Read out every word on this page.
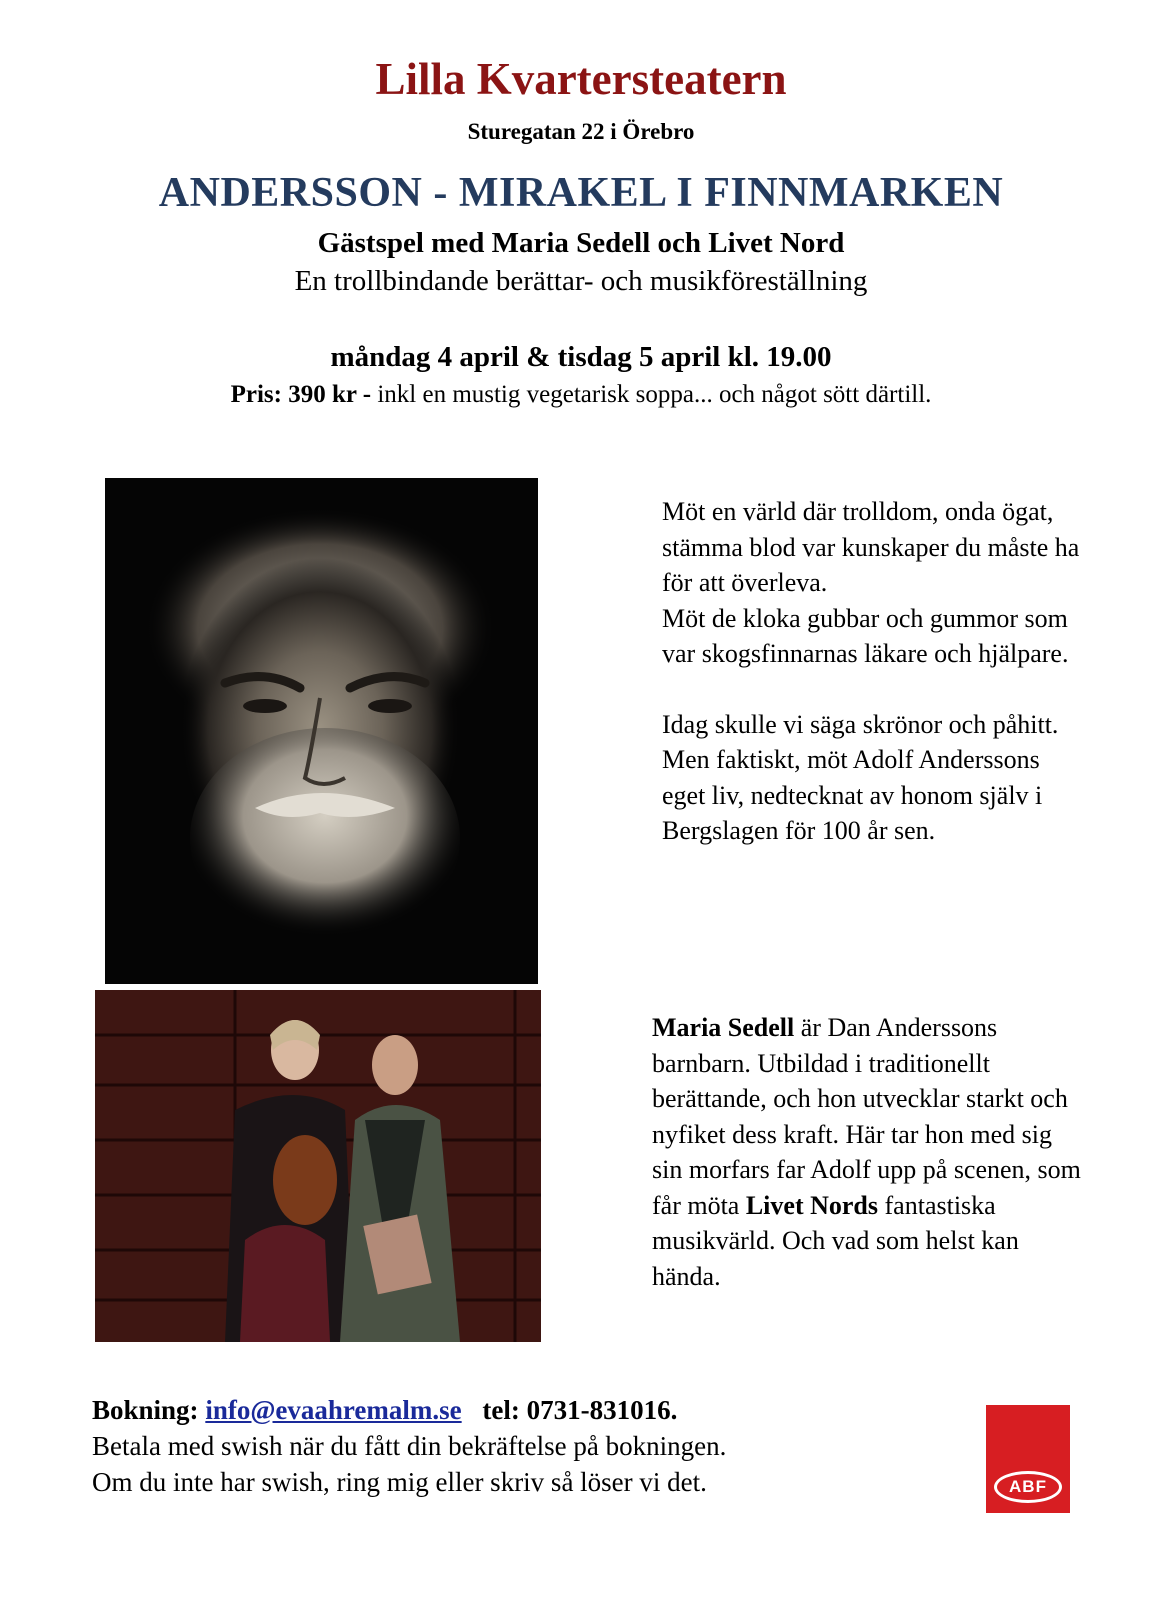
Lilla Kvartersteatern
Sturegatan 22 i Örebro
ANDERSSON - MIRAKEL I FINNMARKEN
Gästspel med Maria Sedell och Livet Nord
En trollbindande berättar- och musikföreställning
måndag 4 april & tisdag 5 april kl. 19.00
Pris: 390 kr - inkl en mustig vegetarisk soppa... och något sött därtill.

Möt en värld där trolldom, onda ögat, stämma blod var kunskaper du måste ha för att överleva.

Möt de kloka gubbar och gummor som var skogsfinnarnas läkare och hjälpare.

Idag skulle vi säga skrönor och påhitt. Men faktiskt, möt Adolf Anderssons eget liv, nedtecknat av honom själv i Bergslagen för 100 år sen.

Maria Sedell är Dan Anderssons barnbarn. Utbildad i traditionellt berättande, och hon utvecklar starkt och nyfiket dess kraft. Här tar hon med sig sin morfars far Adolf upp på scenen, som får möta Livet Nords fantastiska musikvärld. Och vad som helst kan hända.

Bokning: info@evaahremalm.se tel: 0731-831016.
Betala med swish när du fått din bekräftelse på bokningen.
Om du inte har swish, ring mig eller skriv så löser vi det.	ABF
